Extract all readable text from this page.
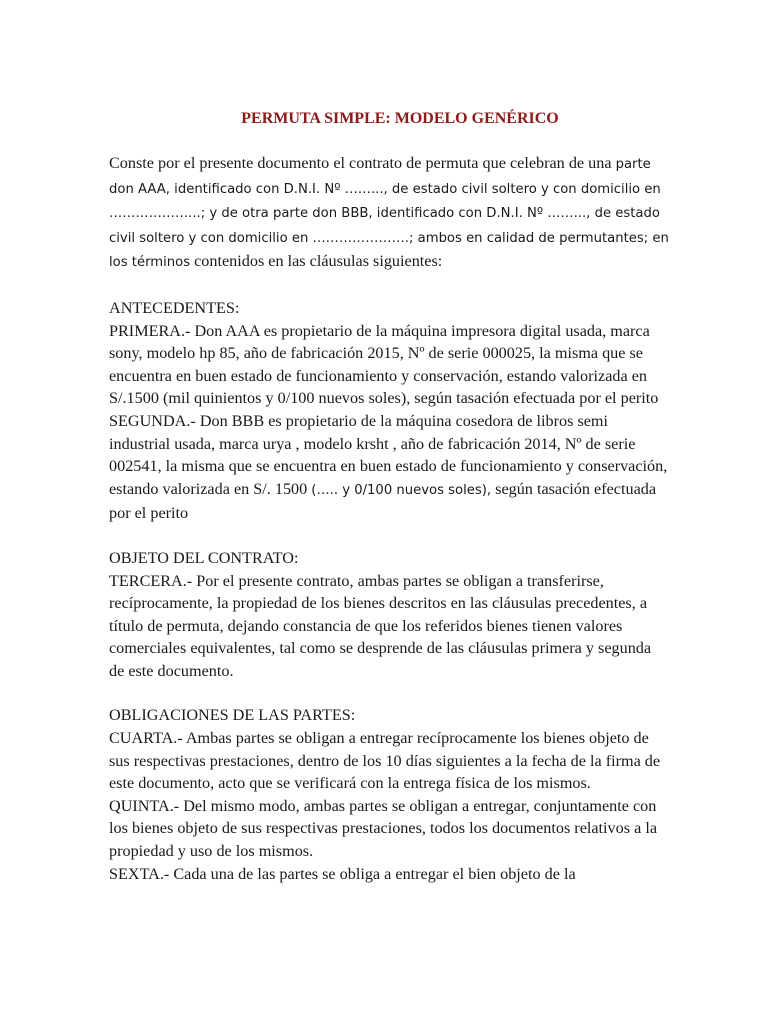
PERMUTA SIMPLE: MODELO GENÉRICO

Conste por el presente documento el contrato de permuta que celebran de una parte don AAA, identificado con D.N.I. Nº ……..., de estado civil soltero y con domicilio en ………………...; y de otra parte don BBB, identificado con D.N.I. Nº ……..., de estado civil soltero y con domicilio en ………………….; ambos en calidad de permutantes; en los términos contenidos en las cláusulas siguientes:

ANTECEDENTES:

PRIMERA.- Don AAA es propietario de la máquina impresora digital usada, marca sony, modelo hp 85, año de fabricación 2015, Nº de serie 000025, la misma que se encuentra en buen estado de funcionamiento y conservación, estando valorizada en S/.1500 (mil quinientos y 0/100 nuevos soles), según tasación efectuada por el perito

SEGUNDA.- Don BBB es propietario de la máquina cosedora de libros semi industrial usada, marca urya , modelo krsht , año de fabricación 2014, Nº de serie 002541, la misma que se encuentra en buen estado de funcionamiento y conservación, estando valorizada en S/. 1500 (….. y 0/100 nuevos soles), según tasación efectuada por el perito

OBJETO DEL CONTRATO:

TERCERA.- Por el presente contrato, ambas partes se obligan a transferirse, recíprocamente, la propiedad de los bienes descritos en las cláusulas precedentes, a título de permuta, dejando constancia de que los referidos bienes tienen valores comerciales equivalentes, tal como se desprende de las cláusulas primera y segunda de este documento.

OBLIGACIONES DE LAS PARTES:

CUARTA.- Ambas partes se obligan a entregar recíprocamente los bienes objeto de sus respectivas prestaciones, dentro de los 10 días siguientes a la fecha de la firma de este documento, acto que se verificará con la entrega física de los mismos.

QUINTA.- Del mismo modo, ambas partes se obligan a entregar, conjuntamente con los bienes objeto de sus respectivas prestaciones, todos los documentos relativos a la propiedad y uso de los mismos.

SEXTA.- Cada una de las partes se obliga a entregar el bien objeto de la
